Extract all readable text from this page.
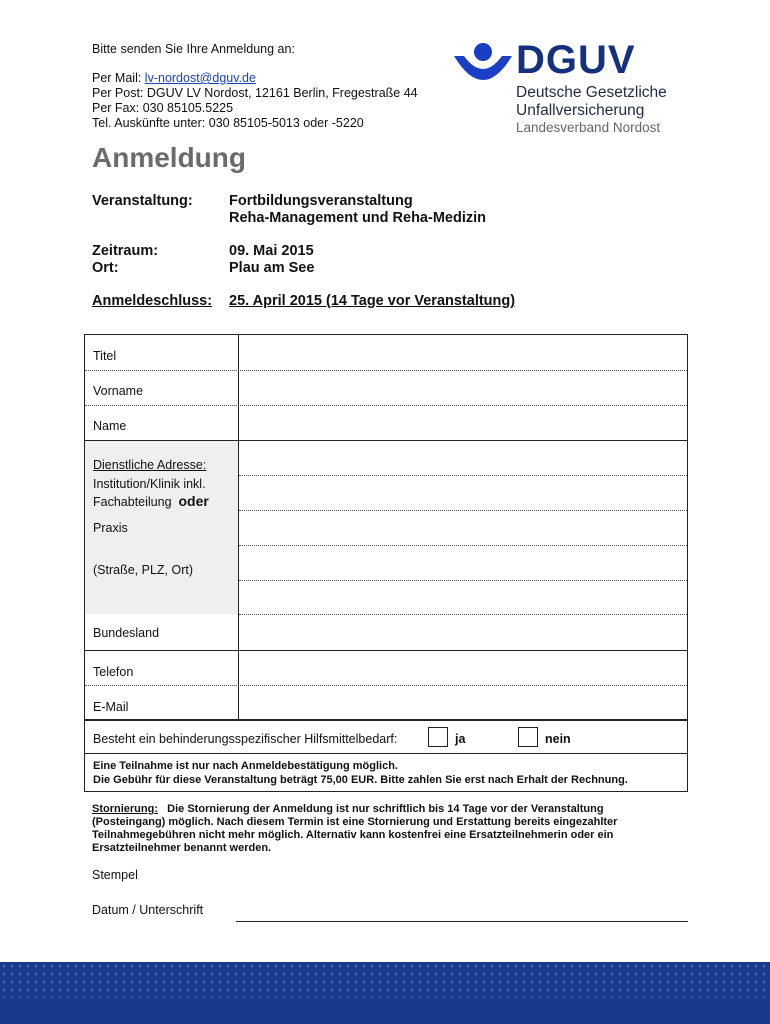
Bitte senden Sie Ihre Anmeldung an:
Per Mail: lv-nordost@dguv.de
Per Post: DGUV LV Nordost, 12161 Berlin, Fregestraße 44
Per Fax: 030 85105.5225
Tel. Auskünfte unter: 030 85105-5013 oder -5220
DGUV
Deutsche Gesetzliche
Unfallversicherung
Landesverband Nordost
Anmeldung
Veranstaltung:	Fortbildungsveranstaltung
Reha-Management und Reha-Medizin
Zeitraum:	09. Mai 2015
Ort:	Plau am See
Anmeldeschluss: 25. April 2015 (14 Tage vor Veranstaltung)
Titel
Vorname
Name
Dienstliche Adresse:
Institution/Klinik inkl.
Fachabteilung oder
Praxis
(Straße, PLZ, Ort)
Bundesland
Telefon
E-Mail
Besteht ein behinderungsspezifischer Hilfsmittelbedarf:	ja	nein
Eine Teilnahme ist nur nach Anmeldebestätigung möglich.
Die Gebühr für diese Veranstaltung beträgt 75,00 EUR. Bitte zahlen Sie erst nach Erhalt der Rechnung.
Stornierung: Die Stornierung der Anmeldung ist nur schriftlich bis 14 Tage vor der Veranstaltung (Posteingang) möglich. Nach diesem Termin ist eine Stornierung und Erstattung bereits eingezahlter Teilnahmegebühren nicht mehr möglich. Alternativ kann kostenfrei eine Ersatzteilnehmerin oder ein Ersatzteilnehmer benannt werden.
Stempel
Datum / Unterschrift
